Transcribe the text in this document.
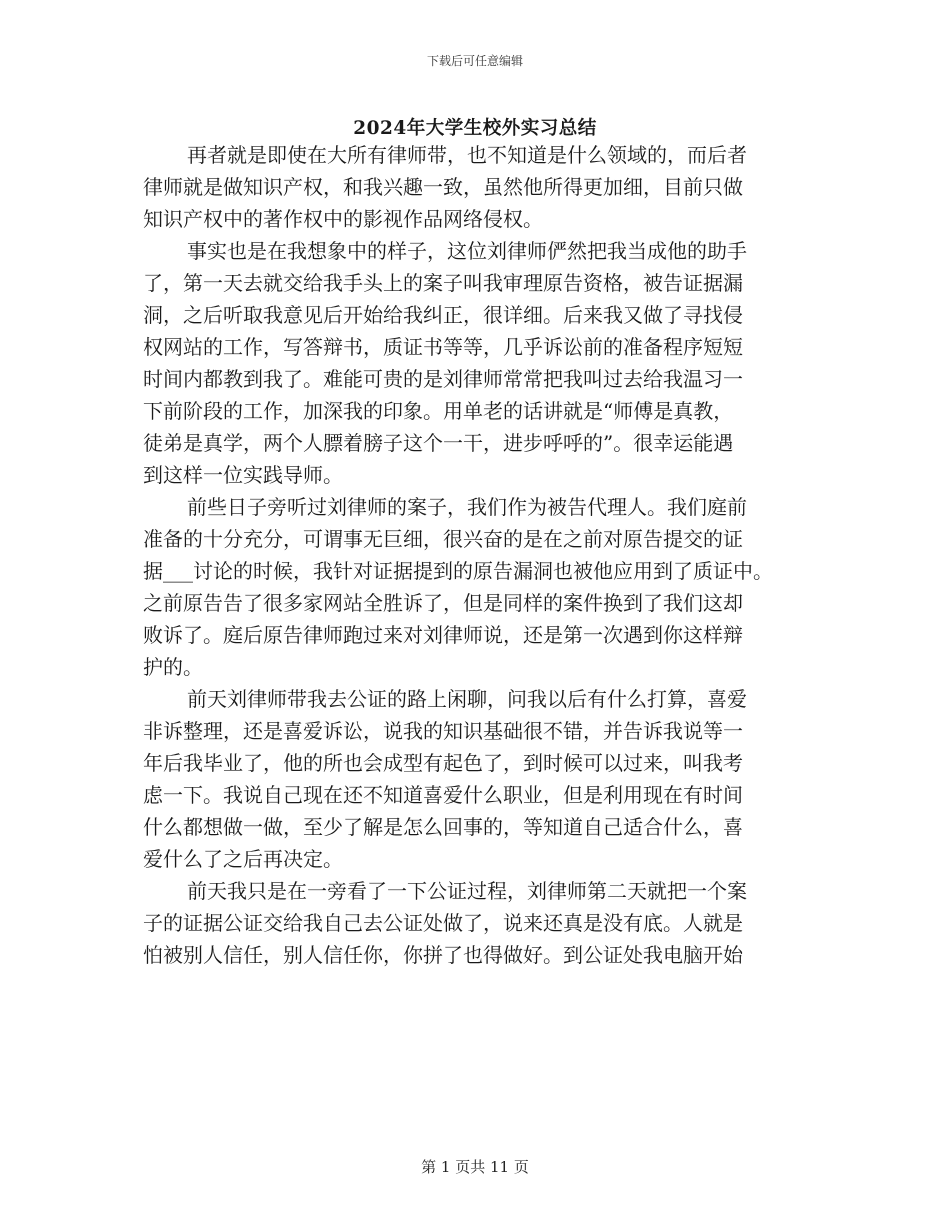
下载后可任意编辑
2024年大学生校外实习总结
再者就是即使在大所有律师带，也不知道是什么领域的，而后者
律师就是做知识产权，和我兴趣一致，虽然他所得更加细，目前只做
知识产权中的著作权中的影视作品网络侵权。
事实也是在我想象中的样子，这位刘律师俨然把我当成他的助手
了，第一天去就交给我手头上的案子叫我审理原告资格，被告证据漏
洞，之后听取我意见后开始给我纠正，很详细。后来我又做了寻找侵
权网站的工作，写答辩书，质证书等等，几乎诉讼前的准备程序短短
时间内都教到我了。难能可贵的是刘律师常常把我叫过去给我温习一
下前阶段的工作，加深我的印象。用单老的话讲就是“师傅是真教，
徒弟是真学，两个人膘着膀子这个一干，进步呼呼的”。很幸运能遇
到这样一位实践导师。
前些日子旁听过刘律师的案子，我们作为被告代理人。我们庭前
准备的十分充分，可谓事无巨细，很兴奋的是在之前对原告提交的证
据___讨论的时候，我针对证据提到的原告漏洞也被他应用到了质证中。
之前原告告了很多家网站全胜诉了，但是同样的案件换到了我们这却
败诉了。庭后原告律师跑过来对刘律师说，还是第一次遇到你这样辩
护的。
前天刘律师带我去公证的路上闲聊，问我以后有什么打算，喜爱
非诉整理，还是喜爱诉讼，说我的知识基础很不错，并告诉我说等一
年后我毕业了，他的所也会成型有起色了，到时候可以过来，叫我考
虑一下。我说自己现在还不知道喜爱什么职业，但是利用现在有时间
什么都想做一做，至少了解是怎么回事的，等知道自己适合什么，喜
爱什么了之后再决定。
前天我只是在一旁看了一下公证过程，刘律师第二天就把一个案
子的证据公证交给我自己去公证处做了，说来还真是没有底。人就是
怕被别人信任，别人信任你，你拼了也得做好。到公证处我电脑开始
第 1 页共 11 页
